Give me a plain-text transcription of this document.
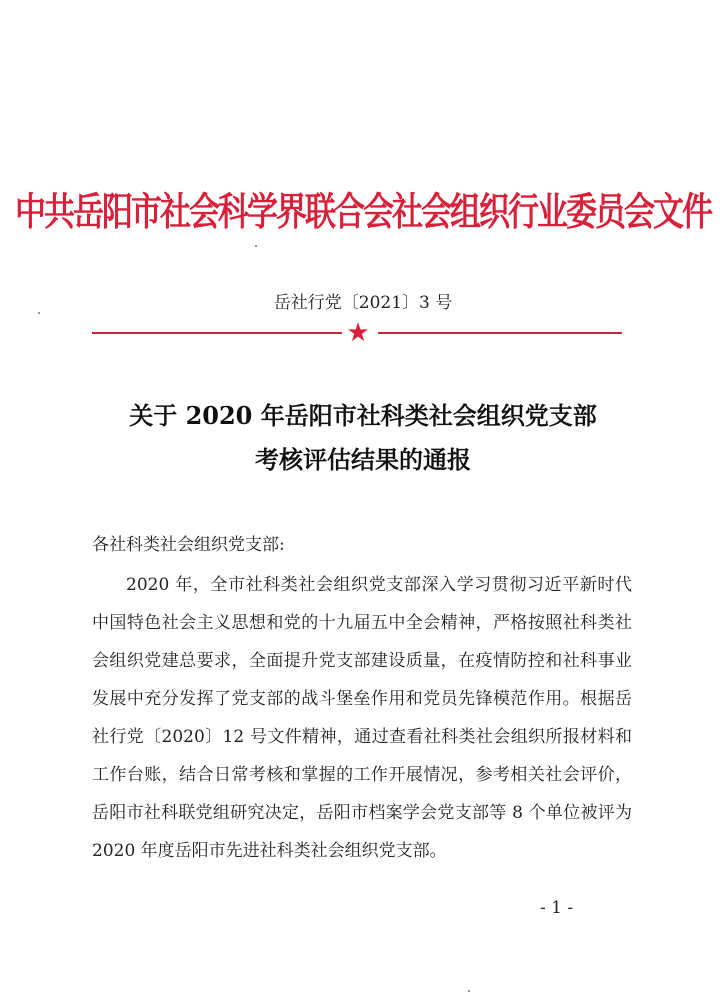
中共岳阳市社会科学界联合会社会组织行业委员会文件
岳社行党〔2021〕3 号
★
关于 2020 年岳阳市社科类社会组织党支部
考核评估结果的通报
各社科类社会组织党支部:
2020 年，全市社科类社会组织党支部深入学习贯彻习近平新时代中国特色社会主义思想和党的十九届五中全会精神，严格按照社科类社会组织党建总要求，全面提升党支部建设质量，在疫情防控和社科事业发展中充分发挥了党支部的战斗堡垒作用和党员先锋模范作用。根据岳社行党〔2020〕12 号文件精神，通过查看社科类社会组织所报材料和工作台账，结合日常考核和掌握的工作开展情况，参考相关社会评价，岳阳市社科联党组研究决定，岳阳市档案学会党支部等 8 个单位被评为 2020 年度岳阳市先进社科类社会组织党支部。
- 1 -
